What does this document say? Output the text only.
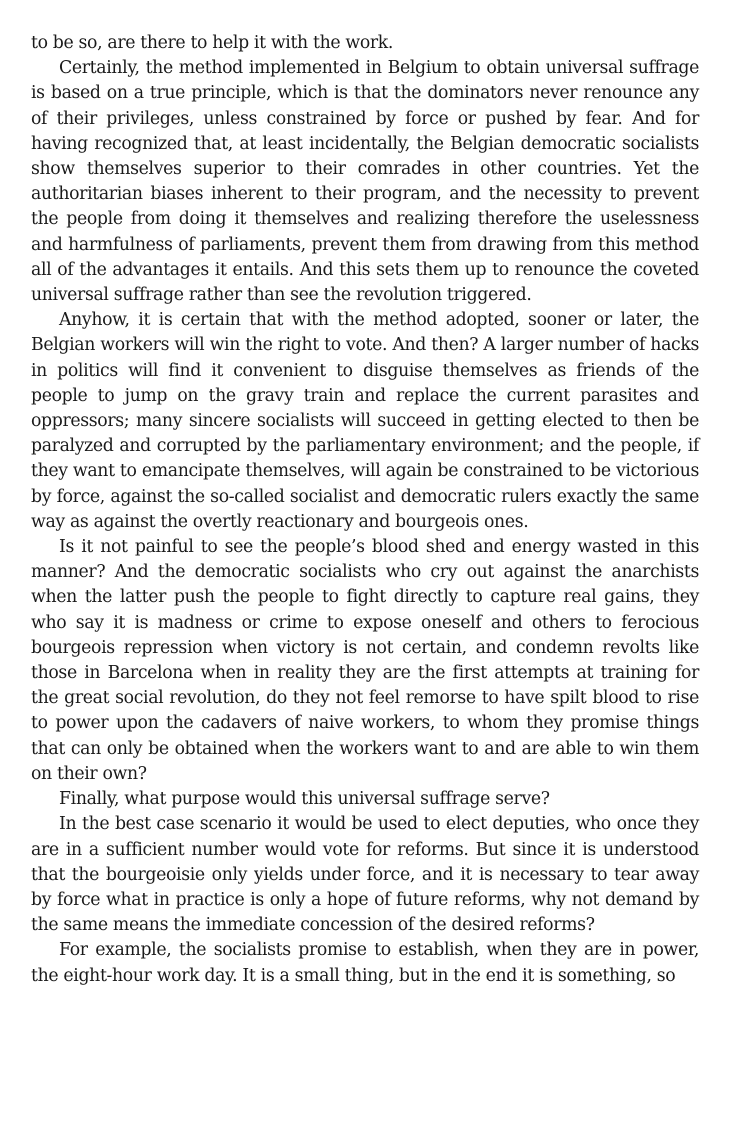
to be so, are there to help it with the work.

Certainly, the method implemented in Belgium to obtain universal suffrage is based on a true principle, which is that the dominators never renounce any of their privileges, unless constrained by force or pushed by fear. And for having recognized that, at least incidentally, the Belgian democratic socialists show themselves superior to their comrades in other countries. Yet the authoritarian biases inherent to their program, and the necessity to prevent the people from doing it themselves and realizing therefore the uselessness and harmfulness of parliaments, prevent them from drawing from this method all of the advantages it entails. And this sets them up to renounce the coveted universal suffrage rather than see the revolution triggered.

Anyhow, it is certain that with the method adopted, sooner or later, the Belgian workers will win the right to vote. And then? A larger number of hacks in politics will find it convenient to disguise themselves as friends of the people to jump on the gravy train and replace the current parasites and oppressors; many sincere socialists will succeed in getting elected to then be paralyzed and corrupted by the parliamentary environment; and the people, if they want to emancipate themselves, will again be constrained to be victorious by force, against the so-called socialist and democratic rulers exactly the same way as against the overtly reactionary and bourgeois ones.

Is it not painful to see the people’s blood shed and energy wasted in this manner? And the democratic socialists who cry out against the anarchists when the latter push the people to fight directly to capture real gains, they who say it is madness or crime to expose oneself and others to ferocious bourgeois repression when victory is not certain, and condemn revolts like those in Barcelona when in reality they are the first attempts at training for the great social revolution, do they not feel remorse to have spilt blood to rise to power upon the cadavers of naive workers, to whom they promise things that can only be obtained when the workers want to and are able to win them on their own?

Finally, what purpose would this universal suffrage serve?

In the best case scenario it would be used to elect deputies, who once they are in a sufficient number would vote for reforms. But since it is understood that the bourgeoisie only yields under force, and it is necessary to tear away by force what in practice is only a hope of future reforms, why not demand by the same means the immediate concession of the desired reforms?

For example, the socialists promise to establish, when they are in power, the eight-hour work day. It is a small thing, but in the end it is something, so
